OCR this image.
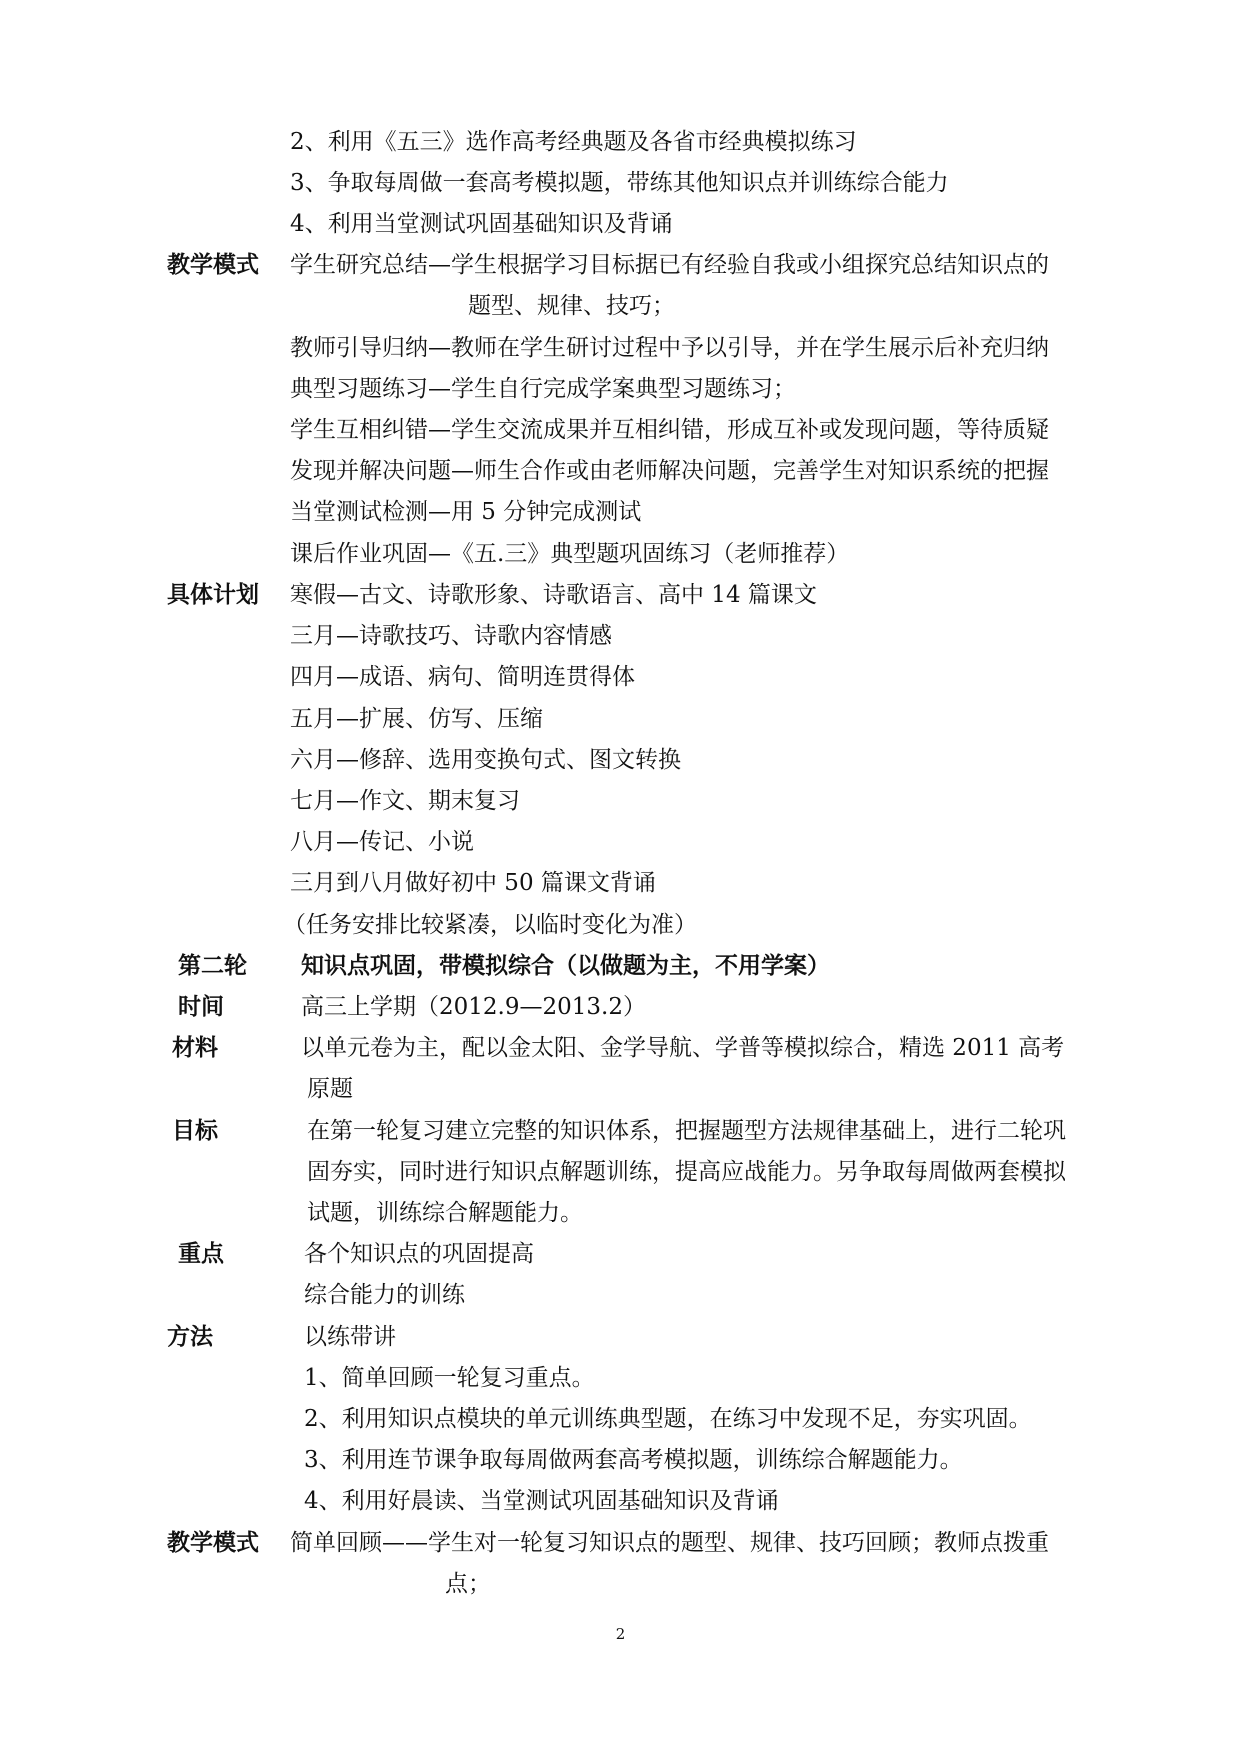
2、利用《五三》选作高考经典题及各省市经典模拟练习
3、争取每周做一套高考模拟题，带练其他知识点并训练综合能力
4、利用当堂测试巩固基础知识及背诵
教学模式 学生研究总结—学生根据学习目标据已有经验自我或小组探究总结知识点的
题型、规律、技巧；
教师引导归纳—教师在学生研讨过程中予以引导，并在学生展示后补充归纳
典型习题练习—学生自行完成学案典型习题练习；
学生互相纠错—学生交流成果并互相纠错，形成互补或发现问题，等待质疑
发现并解决问题—师生合作或由老师解决问题，完善学生对知识系统的把握
当堂测试检测—用 5 分钟完成测试
课后作业巩固—《五.三》典型题巩固练习（老师推荐）
具体计划 寒假—古文、诗歌形象、诗歌语言、高中 14 篇课文
三月—诗歌技巧、诗歌内容情感
四月—成语、病句、简明连贯得体
五月—扩展、仿写、压缩
六月—修辞、选用变换句式、图文转换
七月—作文、期末复习
八月—传记、小说
三月到八月做好初中 50 篇课文背诵
（任务安排比较紧凑，以临时变化为准）
第二轮 知识点巩固，带模拟综合（以做题为主，不用学案）
时间	高三上学期（2012.9—2013.2）
材料	以单元卷为主，配以金太阳、金学导航、学普等模拟综合，精选 2011 高考
原题
目标	在第一轮复习建立完整的知识体系，把握题型方法规律基础上，进行二轮巩
固夯实，同时进行知识点解题训练，提高应战能力。另争取每周做两套模拟
试题，训练综合解题能力。
重点	各个知识点的巩固提高
综合能力的训练
方法	以练带讲
1、简单回顾一轮复习重点。
2、利用知识点模块的单元训练典型题，在练习中发现不足，夯实巩固。
3、利用连节课争取每周做两套高考模拟题，训练综合解题能力。
4、利用好晨读、当堂测试巩固基础知识及背诵
教学模式 简单回顾——学生对一轮复习知识点的题型、规律、技巧回顾；教师点拨重
点；
2
